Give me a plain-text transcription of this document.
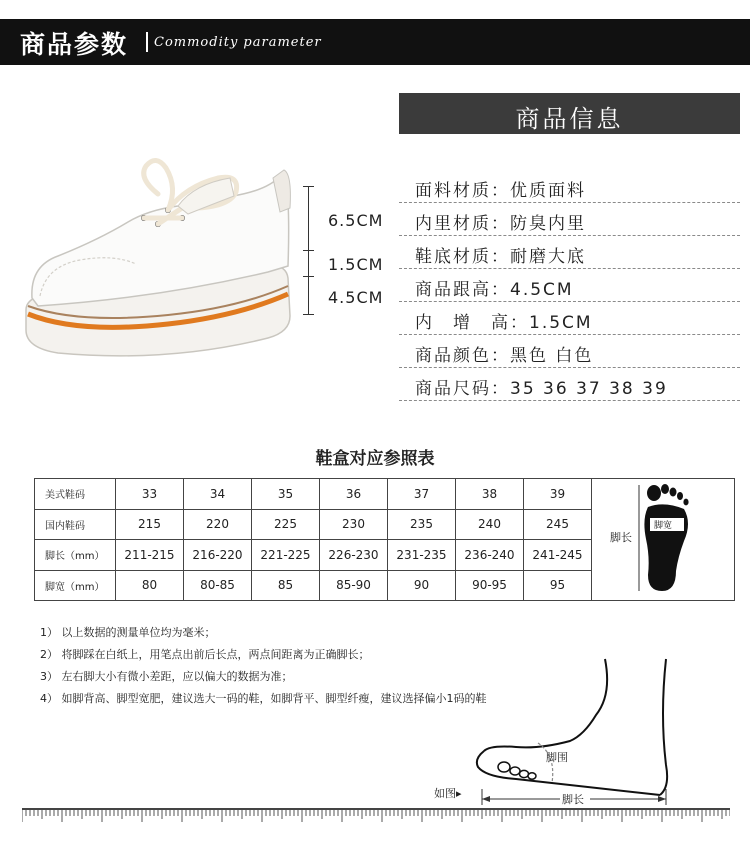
商品参数 Commodity parameter
6.5CM
1.5CM
4.5CM
商品信息
面料材质：优质面料
内里材质：防臭内里
鞋底材质：耐磨大底
商品跟高：4.5CM
内　增　高：1.5CM
商品颜色：黑色 白色
商品尺码：35 36 37 38 39
鞋盒对应参照表
美式鞋码	33	34	35	36	37	38	39	脚长
脚宽

国内鞋码	215	220	225	230	235	240	245	
脚长（mm）	211-215	216-220	221-225	226-230	231-235	236-240	241-245	
脚宽（mm）	80	80-85	85	85-90	90	90-95	95	
1） 以上数据的测量单位均为毫米；
2） 将脚踩在白纸上，用笔点出前后长点，两点间距离为正确脚长；
3） 左右脚大小有微小差距，应以偏大的数据为准；
4） 如脚背高、脚型宽肥，建议选大一码的鞋，如脚背平、脚型纤瘦，建议选择偏小1码的鞋
脚围
脚长
如图▸
